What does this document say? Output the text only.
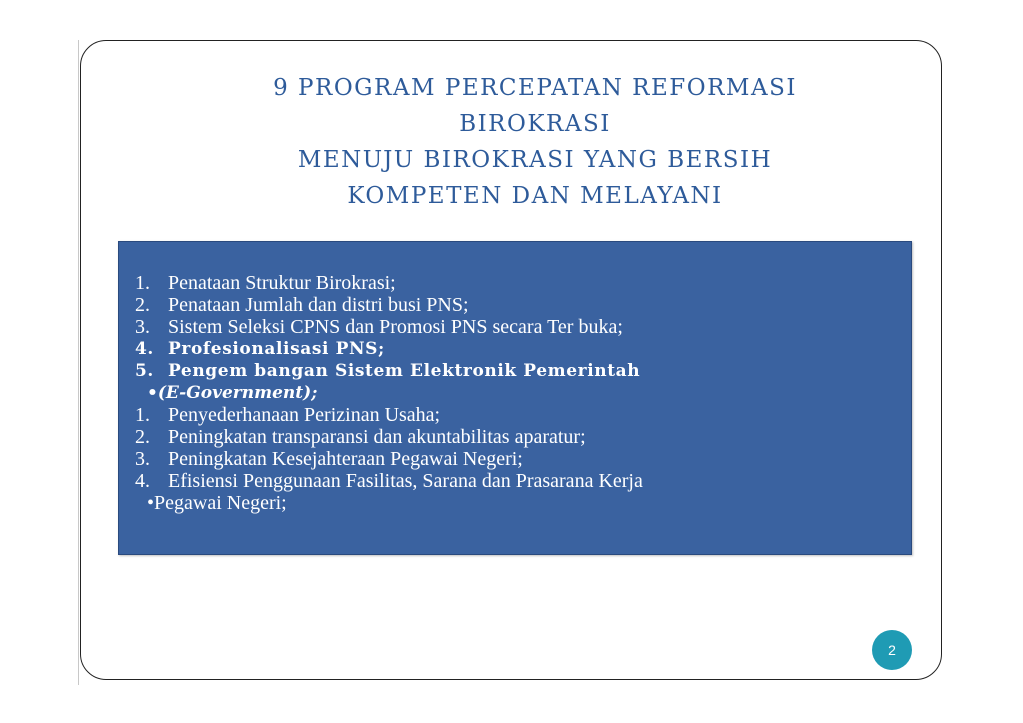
9 PROGRAM PERCEPATAN REFORMASI
BIROKRASI
MENUJU BIROKRASI YANG BERSIH
KOMPETEN DAN MELAYANI
1. Penataan Struktur Birokrasi;
2. Penataan Jumlah dan distri busi PNS;
3. Sistem Seleksi CPNS dan Promosi PNS secara Ter buka;
4. Profesionalisasi PNS;
5. Pengem bangan Sistem Elektronik Pemerintah
•(E-Government);
1. Penyederhanaan Perizinan Usaha;
2. Peningkatan transparansi dan akuntabilitas aparatur;
3. Peningkatan Kesejahteraan Pegawai Negeri;
4. Efisiensi Penggunaan Fasilitas, Sarana dan Prasarana Kerja
•Pegawai Negeri;
2
